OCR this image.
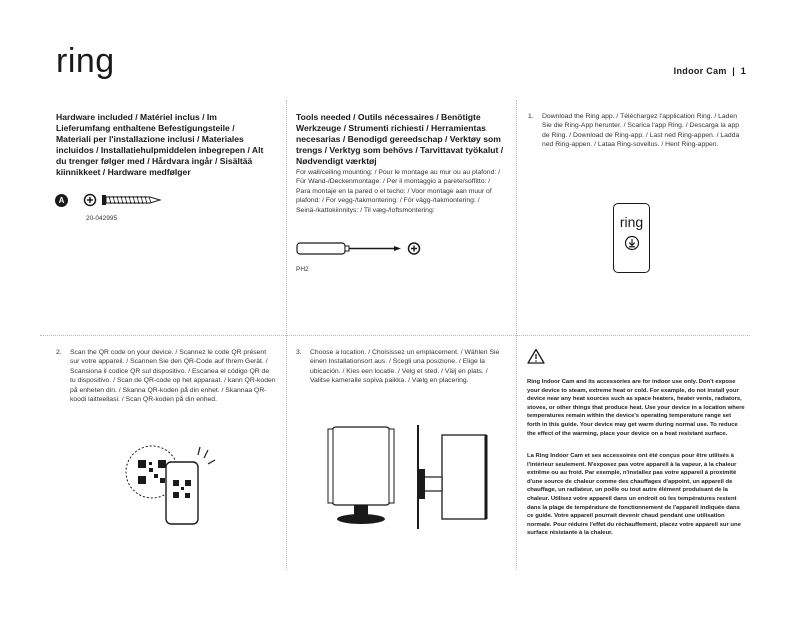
ring	Indoor Cam  |  1
Hardware included / Matériel inclus / Im Lieferumfang enthaltene Befestigungsteile / Materiali per l'installazione inclusi / Materiales incluidos / Installatiehulpmiddelen inbegrepen / Alt du trenger følger med / Hårdvara ingår / Sisältää kiinnikkeet / Hardware medfølger
A
20-042995
Tools needed / Outils nécessaires / Benötigte Werkzeuge / Strumenti richiesti / Herramientas necesarias / Benodigd gereedschap / Verktøy som trengs / Verktyg som behövs / Tarvittavat työkalut / Nødvendigt værktøj
For wall/ceiling mounting: / Pour le montage au mur ou au plafond: / Für Wand-/Deckenmontage: / Per il montaggio a parete/soffitto: / Para montaje en la pared o el techo: / Voor montage aan muur of plafond: / For vegg-/takmontering: / För vägg-/takmontering: / Seinä-/kattokiinnitys: / Til væg-/loftsmontering:
PH2
1. Download the Ring app. / Téléchargez l'application Ring. / Laden Sie die Ring-App herunter. / Scarica l'app Ring. / Descarga la app de Ring. / Download de Ring-app. / Last ned Ring-appen. / Ladda ned Ring-appen. / Lataa Ring-sovellus. / Hent Ring-appen.
ring
2. Scan the QR code on your device. / Scannez le code QR présent sur votre appareil. / Scannen Sie den QR-Code auf Ihrem Gerät. / Scansiona il codice QR sul dispositivo. / Escanea el código QR de tu dispositivo. / Scan de QR-code op het apparaat. / kann QR-koden på enheten din. / Skanna QR-koden på din enhet. / Skannaa QR-koodi laitteellasi. / Scan QR-koden på din enhed.
3. Choose a location. / Choisissez un emplacement. / Wählen Sie einen Installationsort aus. / Scegli una posizione. / Elige la ubicación. / Kies een locatie. / Velg et sted. / Välj en plats. / Valitse kameralle sopiva paikka. / Vælg en placering.	Ring Indoor Cam and its accessories are for indoor use only. Don't expose your device to steam, extreme heat or cold. For example, do not install your device near any heat sources such as space heaters, heater vents, radiators, stoves, or other things that produce heat. Use your device in a location where temperatures remain within the device's operating temperature range set forth in this guide. Your device may get warm during normal use. To reduce the effect of the warming, place your device on a heat resistant surface.
La Ring Indoor Cam et ses accessoires ont été conçus pour être utilisés à l'intérieur seulement. N'exposez pas votre appareil à la vapeur, à la chaleur extrême ou au froid. Par exemple, n'installez pas votre appareil à proximité d'une source de chaleur comme des chauffages d'appoint, un appareil de chauffage, un radiateur, un poêle ou tout autre élément produisant de la chaleur. Utilisez votre appareil dans un endroit où les températures restent dans la plage de température de fonctionnement de l'appareil indiquée dans ce guide. Votre appareil pourrait devenir chaud pendant une utilisation normale. Pour réduire l'effet du réchauffement, placez votre appareil sur une surface résistante à la chaleur.
